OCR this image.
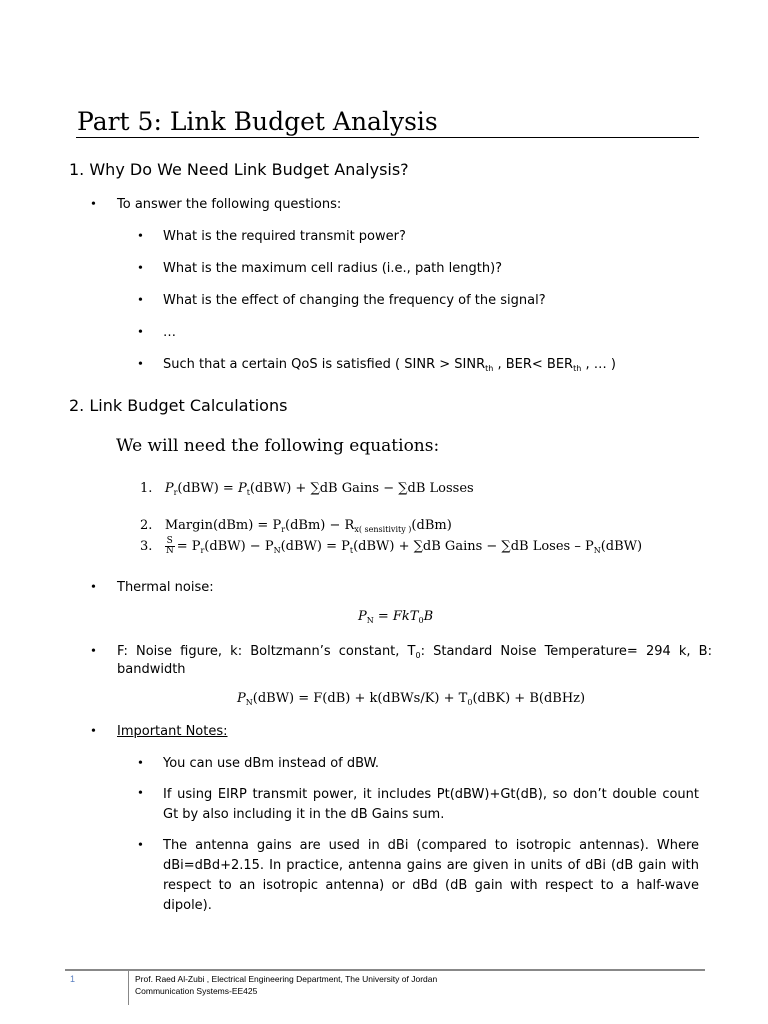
Part 5: Link Budget Analysis
1. Why Do We Need Link Budget Analysis?
• To answer the following questions:
• What is the required transmit power?
• What is the maximum cell radius (i.e., path length)?
• What is the effect of changing the frequency of the signal?
• …
• Such that a certain QoS is satisfied ( SINR > $SINR_{th}$ , $BER< BER_{th}$ , … )
2. Link Budget Calculations
We will need the following equations:
1. $P_r(dBW) = P_t(dBW) + \sum dB$ Gains − ∑dB Losses
2. Margin(dBm) = $P_r(dBm) - R_{x( sensitivity )}(dBm)$
3. $\frac{S}{N} = P_r(dBW) - P_N(dBW) = P_t(dBW) + \sum dB$ Gains − ∑dB Loses – $P_N(dBW)$
• Thermal noise:
$P_N = FkT_0B$
• F: Noise figure, k: Boltzmann’s constant, $T_0$: Standard Noise Temperature= 294 k, B:
bandwidth
$P_N(dBW) = F(dB)$ + k(dBWs/K) + $T_0(dBK)$ + B(dBHz)
• Important Notes:
• You can use dBm instead of dBW.
• If using EIRP transmit power, it includes Pt(dBW)+Gt(dB), so don’t double count Gt by also including it in the dB Gains sum.
• The antenna gains are used in dBi (compared to isotropic antennas). Where dBi=dBd+2.15. In practice, antenna gains are given in units of dBi (dB gain with respect to an isotropic antenna) or dBd (dB gain with respect to a half-wave dipole).
1	Prof. Raed Al-Zubi , Electrical Engineering Department, The University of Jordan
Communication Systems-EE425
